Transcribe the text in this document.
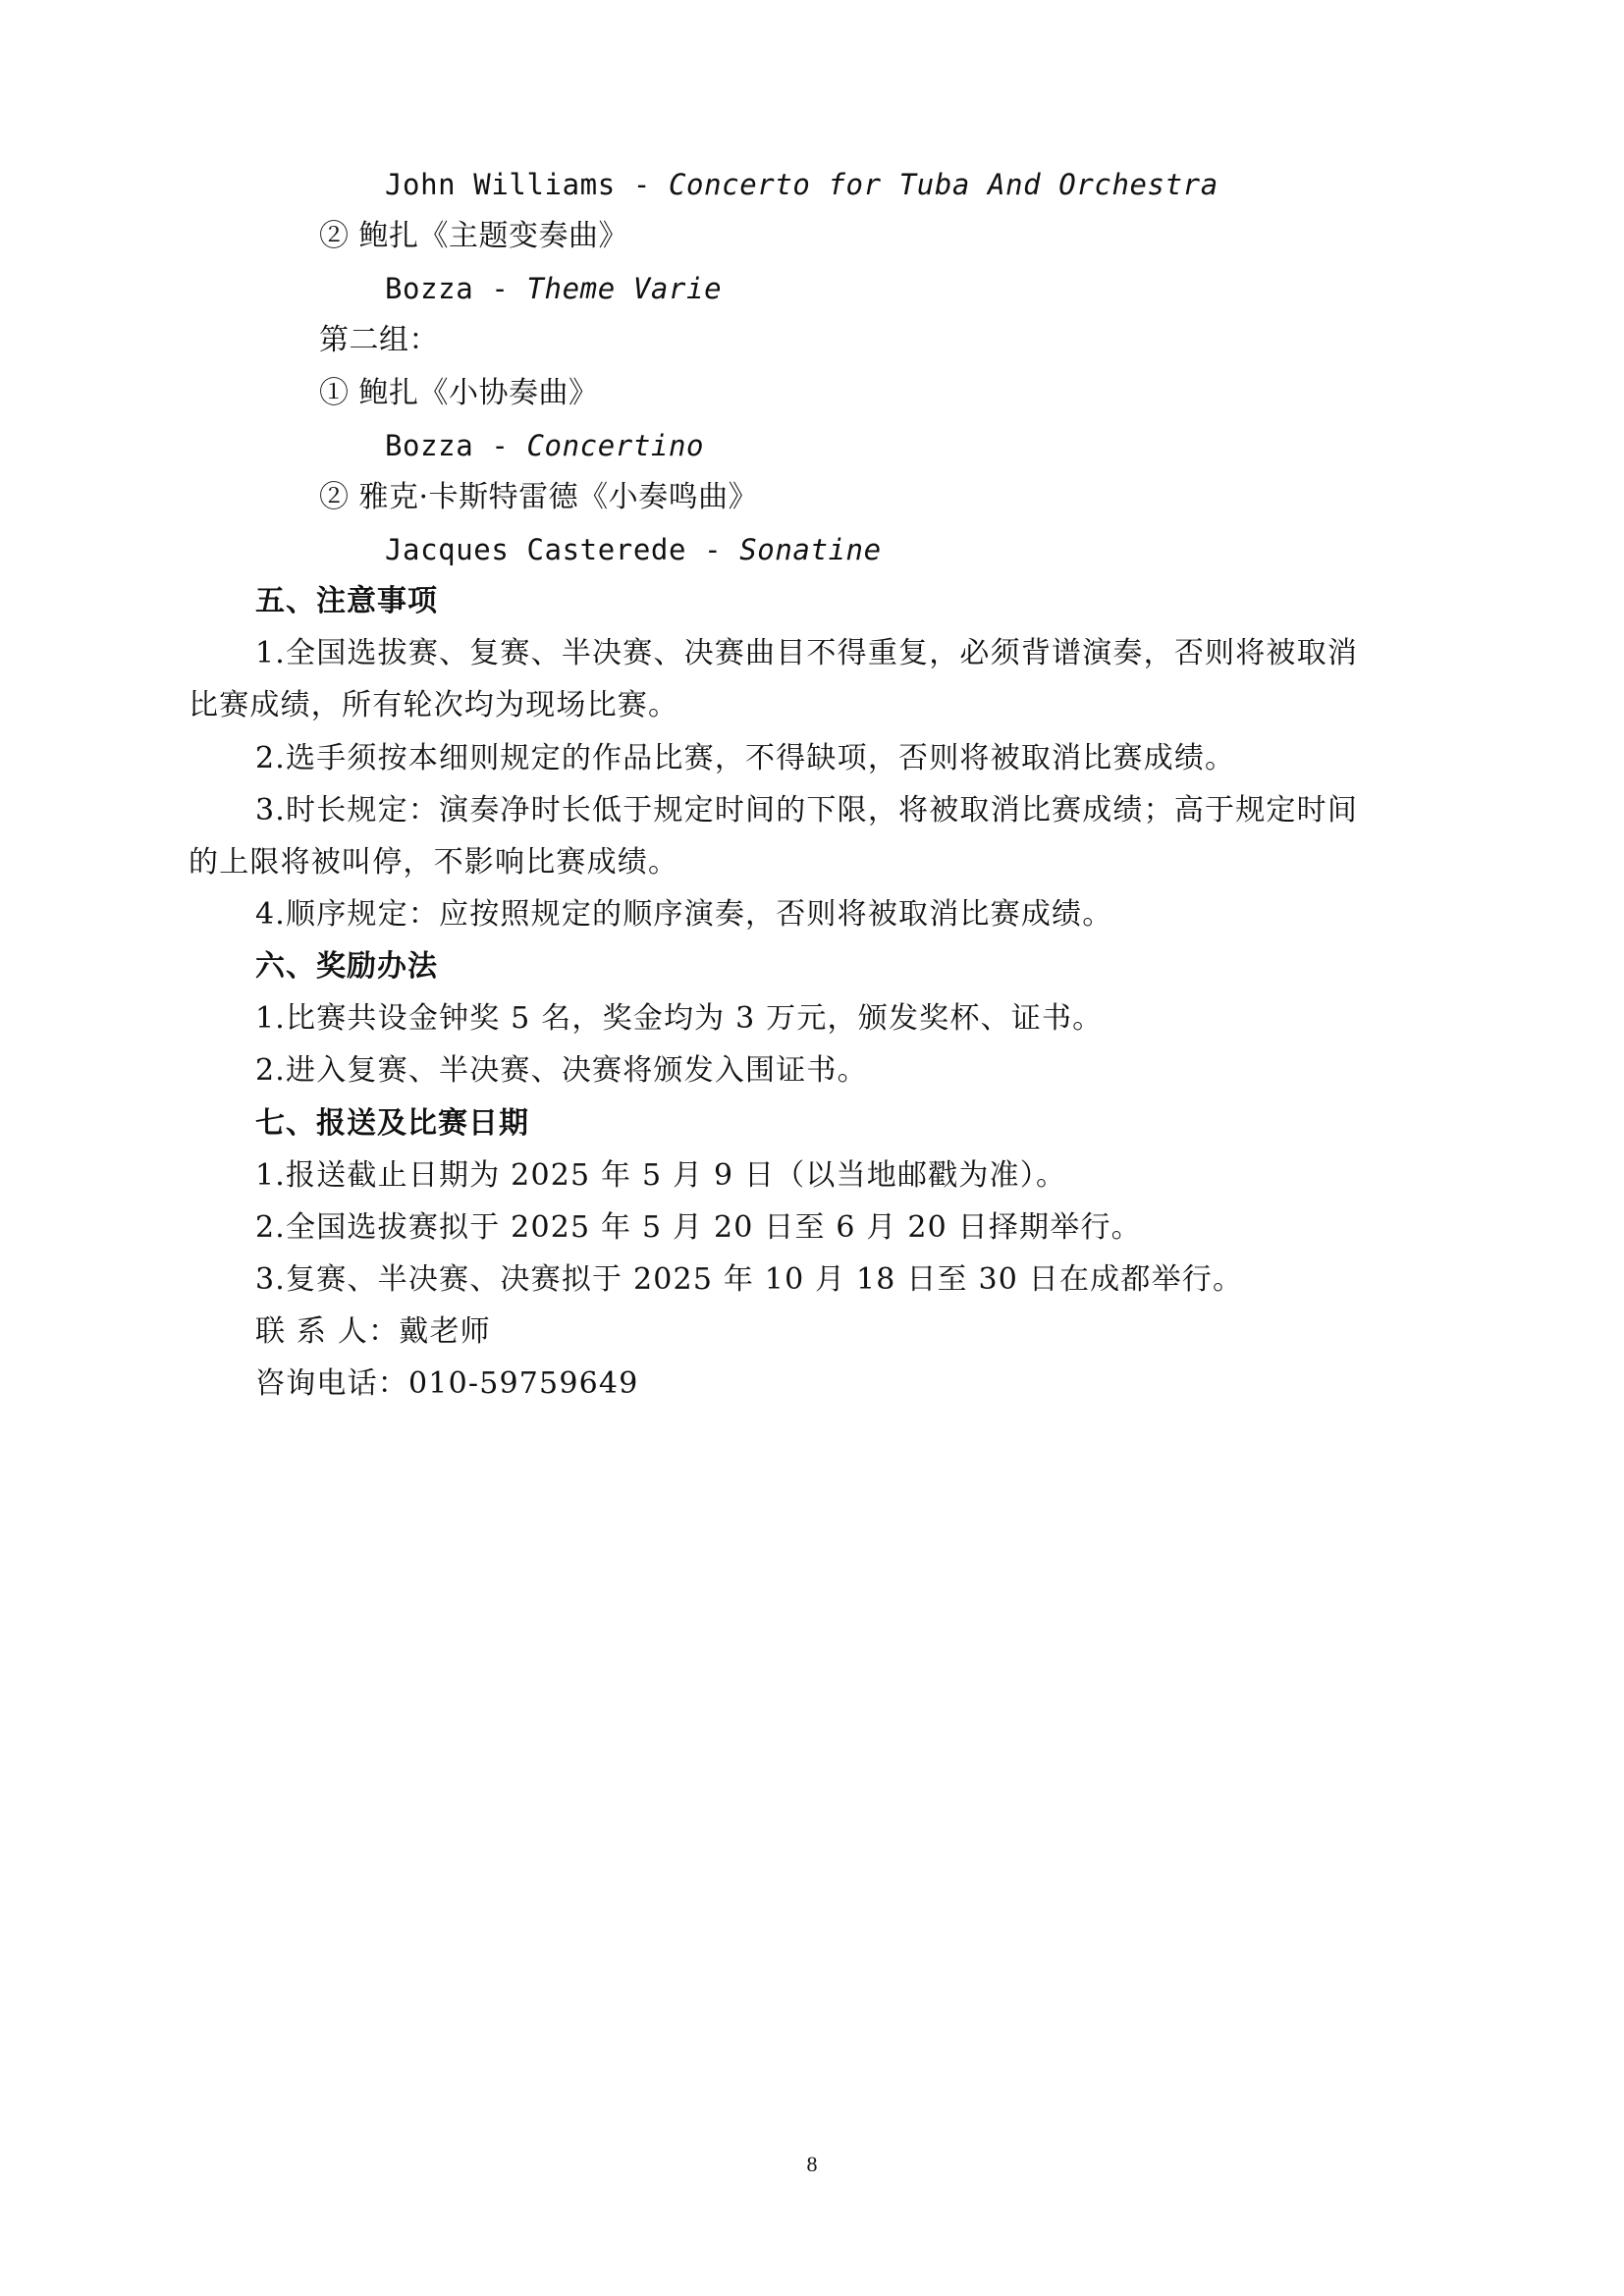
John Williams - Concerto for Tuba And Orchestra
② 鲍扎《主题变奏曲》
Bozza - Theme Varie
第二组：
① 鲍扎《小协奏曲》
Bozza - Concertino
② 雅克·卡斯特雷德《小奏鸣曲》
Jacques Casterede - Sonatine
五、注意事项
1.全国选拔赛、复赛、半决赛、决赛曲目不得重复，必须背谱演奏，否则将被取消
比赛成绩，所有轮次均为现场比赛。
2.选手须按本细则规定的作品比赛，不得缺项，否则将被取消比赛成绩。
3.时长规定：演奏净时长低于规定时间的下限，将被取消比赛成绩；高于规定时间
的上限将被叫停，不影响比赛成绩。
4.顺序规定：应按照规定的顺序演奏，否则将被取消比赛成绩。
六、奖励办法
1.比赛共设金钟奖 5 名，奖金均为 3 万元，颁发奖杯、证书。
2.进入复赛、半决赛、决赛将颁发入围证书。
七、报送及比赛日期
1.报送截止日期为 2025 年 5 月 9 日（以当地邮戳为准）。
2.全国选拔赛拟于 2025 年 5 月 20 日至 6 月 20 日择期举行。
3.复赛、半决赛、决赛拟于 2025 年 10 月 18 日至 30 日在成都举行。
联 系 人：戴老师
咨询电话：010-59759649
8
